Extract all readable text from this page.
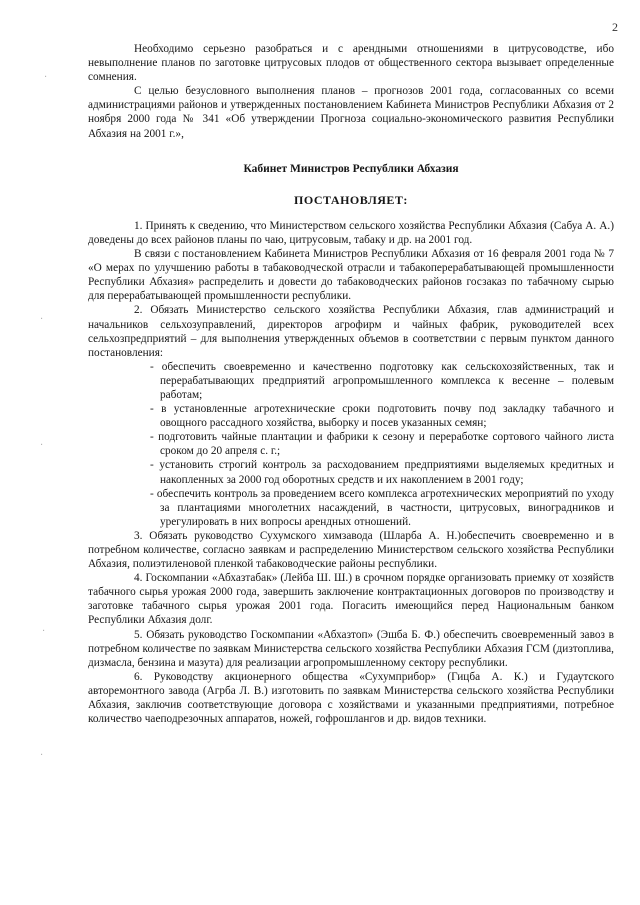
2
·
·
·
·
·

Необходимо серьезно разобраться и с арендными отношениями в цитрусоводстве, ибо невыполнение планов по заготовке цитрусовых плодов от общественного сектора вызывает определенные сомнения.

С целью безусловного выполнения планов – прогнозов 2001 года, согласованных со всеми администрациями районов и утвержденных постановлением Кабинета Министров Республики Абхазия от 2 ноября 2000 года № 341 «Об утверждении Прогноза социально-экономического развития Республики Абхазия на 2001 г.»,

Кабинет Министров Республики Абхазия

ПОСТАНОВЛЯЕТ:

1. Принять к сведению, что Министерством сельского хозяйства Республики Абхазия (Сабуа А. А.) доведены до всех районов планы по чаю, цитрусовым, табаку и др. на 2001 год.

В связи с постановлением Кабинета Министров Республики Абхазия от 16 февраля 2001 года № 7 «О мерах по улучшению работы в табаководческой отрасли и табакоперерабатывающей промышленности Республики Абхазия» распределить и довести до табаководческих районов госзаказ по табачному сырью для перерабатывающей промышленности республики.

2. Обязать Министерство сельского хозяйства Республики Абхазия, глав администраций и начальников сельхозуправлений, директоров агрофирм и чайных фабрик, руководителей всех сельхозпредприятий – для выполнения утвержденных объемов в соответствии с первым пунктом данного постановления:

- обеспечить своевременно и качественно подготовку как сельскохозяйственных, так и перерабатывающих предприятий агропромышленного комплекса к весенне – полевым работам;
- в установленные агротехнические сроки подготовить почву под закладку табачного и овощного рассадного хозяйства, выборку и посев указанных семян;
- подготовить чайные плантации и фабрики к сезону и переработке сортового чайного листа сроком до 20 апреля с. г.;
- установить строгий контроль за расходованием предприятиями выделяемых кредитных и накопленных за 2000 год оборотных средств и их накоплением в 2001 году;
- обеспечить контроль за проведением всего комплекса агротехнических мероприятий по уходу за плантациями многолетних насаждений, в частности, цитрусовых, виноградников и урегулировать в них вопросы арендных отношений.

3. Обязать руководство Сухумского химзавода (Шларба А. Н.)обеспечить своевременно и в потребном количестве, согласно заявкам и распределению Министерством сельского хозяйства Республики Абхазия, полиэтиленовой пленкой табаководческие районы республики.

4. Госкомпании «Абхазтабак» (Лейба Ш. Ш.) в срочном порядке организовать приемку от хозяйств табачного сырья урожая 2000 года, завершить заключение контрактационных договоров по производству и заготовке табачного сырья урожая 2001 года. Погасить имеющийся перед Национальным банком Республики Абхазия долг.

5. Обязать руководство Госкомпании «Абхазтоп» (Эшба Б. Ф.) обеспечить своевременный завоз в потребном количестве по заявкам Министерства сельского хозяйства Республики Абхазия ГСМ (дизтоплива, дизмасла, бензина и мазута) для реализации агропромышленному сектору республики.

6. Руководству акционерного общества «Сухумприбор» (Гицба А. К.) и Гудаутского авторемонтного завода (Агрба Л. В.) изготовить по заявкам Министерства сельского хозяйства Республики Абхазия, заключив соответствующие договора с хозяйствами и указанными предприятиями, потребное количество чаеподрезочных аппаратов, ножей, гофрошлангов и др. видов техники.
